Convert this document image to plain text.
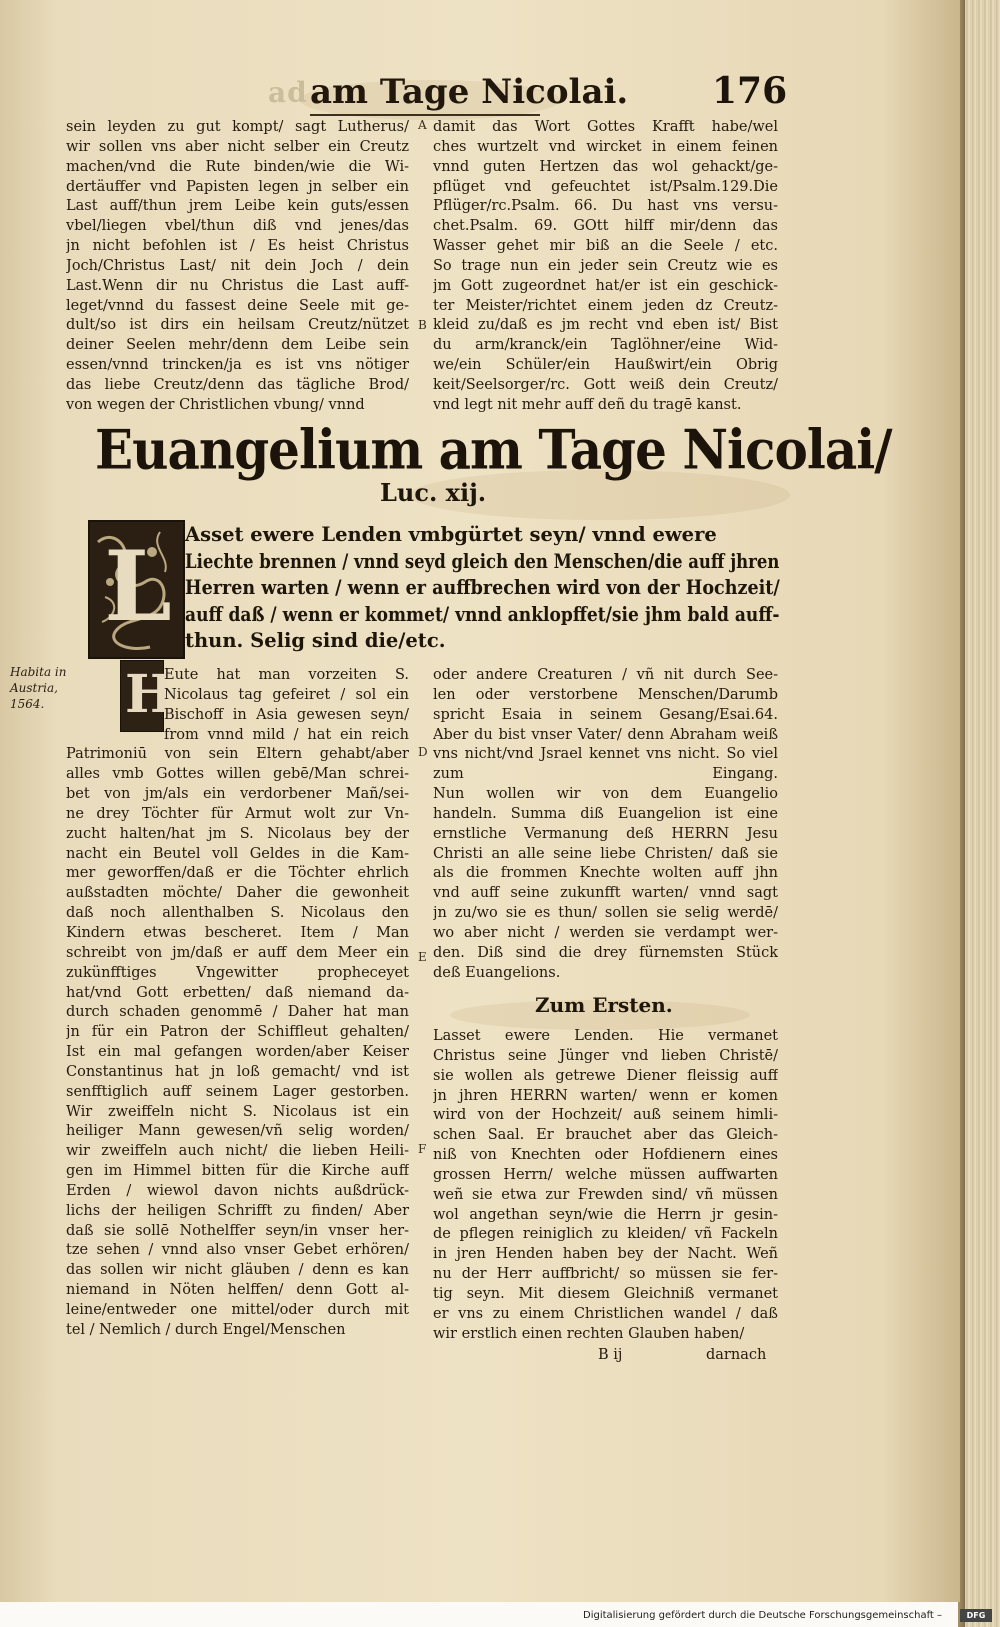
ad am Tage Nicolai. 176
sein leyden zu gut kompt/ sagt Lutherus/
wir sollen vns aber nicht selber ein Creutz
machen/vnd die Rute binden/wie die Wi-
dertäuffer vnd Papisten legen jn selber ein
Last auff/thun jrem Leibe kein guts/essen
vbel/liegen vbel/thun diß vnd jenes/das
jn nicht befohlen ist / Es heist Christus
Joch/Christus Last/ nit dein Joch / dein
Last.Wenn dir nu Christus die Last auff-
leget/vnnd du fassest deine Seele mit ge-
dult/so ist dirs ein heilsam Creutz/nützet
deiner Seelen mehr/denn dem Leibe sein
essen/vnnd trincken/ja es ist vns nötiger
das liebe Creutz/denn das tägliche Brod/
von wegen der Christlichen vbung/ vnnd
damit das Wort Gottes Krafft habe/wel
ches wurtzelt vnd wircket in einem feinen
vnnd guten Hertzen das wol gehackt/ge-
pflüget vnd gefeuchtet ist/Psalm.129.Die
Pflüger/rc.Psalm. 66. Du hast vns versu-
chet.Psalm. 69. GOtt hilff mir/denn das
Wasser gehet mir biß an die Seele / etc.
So trage nun ein jeder sein Creutz wie es
jm Gott zugeordnet hat/er ist ein geschick-
ter Meister/richtet einem jeden dz Creutz-
kleid zu/daß es jm recht vnd eben ist/ Bist
du arm/kranck/ein Taglöhner/eine Wid-
we/ein Schüler/ein Haußwirt/ein Obrig
keit/Seelsorger/rc. Gott weiß dein Creutz/
vnd legt nit mehr auff deñ du tragē kanst.
A
B
Euangelium am Tage Nicolai/
Luc. xij.
L Asset ewere Lenden vmbgürtet seyn/ vnnd ewere
Liechte brennen / vnnd seyd gleich den Menschen/die auff jhren
Herren warten / wenn er auffbrechen wird von der Hochzeit/
auff daß / wenn er kommet/ vnnd anklopffet/sie jhm bald auff-
thun. Selig sind die/etc.
Habita in Austria, 1564.	H
Eute hat man vorzeiten S.
Nicolaus tag gefeiret / sol ein
Bischoff in Asia gewesen seyn/
from vnnd mild / hat ein reich
Patrimoniū von sein Eltern gehabt/aber
alles vmb Gottes willen gebē/Man schrei-
bet von jm/als ein verdorbener Mañ/sei-
ne drey Töchter für Armut wolt zur Vn-
zucht halten/hat jm S. Nicolaus bey der
nacht ein Beutel voll Geldes in die Kam-
mer geworffen/daß er die Töchter ehrlich
außstadten möchte/ Daher die gewonheit
daß noch allenthalben S. Nicolaus den
Kindern etwas bescheret. Item / Man
schreibt von jm/daß er auff dem Meer ein
zukünfftiges Vngewitter propheceyet
hat/vnd Gott erbetten/ daß niemand da-
durch schaden genommē / Daher hat man
jn für ein Patron der Schiffleut gehalten/
Ist ein mal gefangen worden/aber Keiser
Constantinus hat jn loß gemacht/ vnd ist
senfftiglich auff seinem Lager gestorben.
Wir zweiffeln nicht S. Nicolaus ist ein
heiliger Mann gewesen/vñ selig worden/
wir zweiffeln auch nicht/ die lieben Heili-
gen im Himmel bitten für die Kirche auff
Erden / wiewol davon nichts außdrück-
lichs der heiligen Schrifft zu finden/ Aber
daß sie sollē Nothelffer seyn/in vnser her-
tze sehen / vnnd also vnser Gebet erhören/
das sollen wir nicht gläuben / denn es kan
niemand in Nöten helffen/ denn Gott al-
leine/entweder one mittel/oder durch mit
tel / Nemlich / durch Engel/Menschen
oder andere Creaturen / vñ nit durch See-
len oder verstorbene Menschen/Darumb
spricht Esaia in seinem Gesang/Esai.64.
Aber du bist vnser Vater/ denn Abraham weiß
vns nicht/vnd Jsrael kennet vns nicht. So viel
zum Eingang.
Nun wollen wir von dem Euangelio
handeln. Summa diß Euangelion ist eine
ernstliche Vermanung deß HERRN Jesu
Christi an alle seine liebe Christen/ daß sie
als die frommen Knechte wolten auff jhn
vnd auff seine zukunfft warten/ vnnd sagt
jn zu/wo sie es thun/ sollen sie selig werdē/
wo aber nicht / werden sie verdampt wer-
den. Diß sind die drey fürnemsten Stück
deß Euangelions.
Zum Ersten.
Lasset ewere Lenden. Hie vermanet
Christus seine Jünger vnd lieben Christē/
sie wollen als getrewe Diener fleissig auff
jn jhren HERRN warten/ wenn er komen
wird von der Hochzeit/ auß seinem himli-
schen Saal. Er brauchet aber das Gleich-
niß von Knechten oder Hofdienern eines
grossen Herrn/ welche müssen auffwarten
weñ sie etwa zur Frewden sind/ vñ müssen
wol angethan seyn/wie die Herrn jr gesin-
de pflegen reiniglich zu kleiden/ vñ Fackeln
in jren Henden haben bey der Nacht. Weñ
nu der Herr auffbricht/ so müssen sie fer-
tig seyn. Mit diesem Gleichniß vermanet
er vns zu einem Christlichen wandel / daß
wir erstlich einen rechten Glauben haben/
D
E
F
B ij	darnach
Digitalisierung gefördert durch die Deutsche Forschungsgemeinschaft –	DFG
